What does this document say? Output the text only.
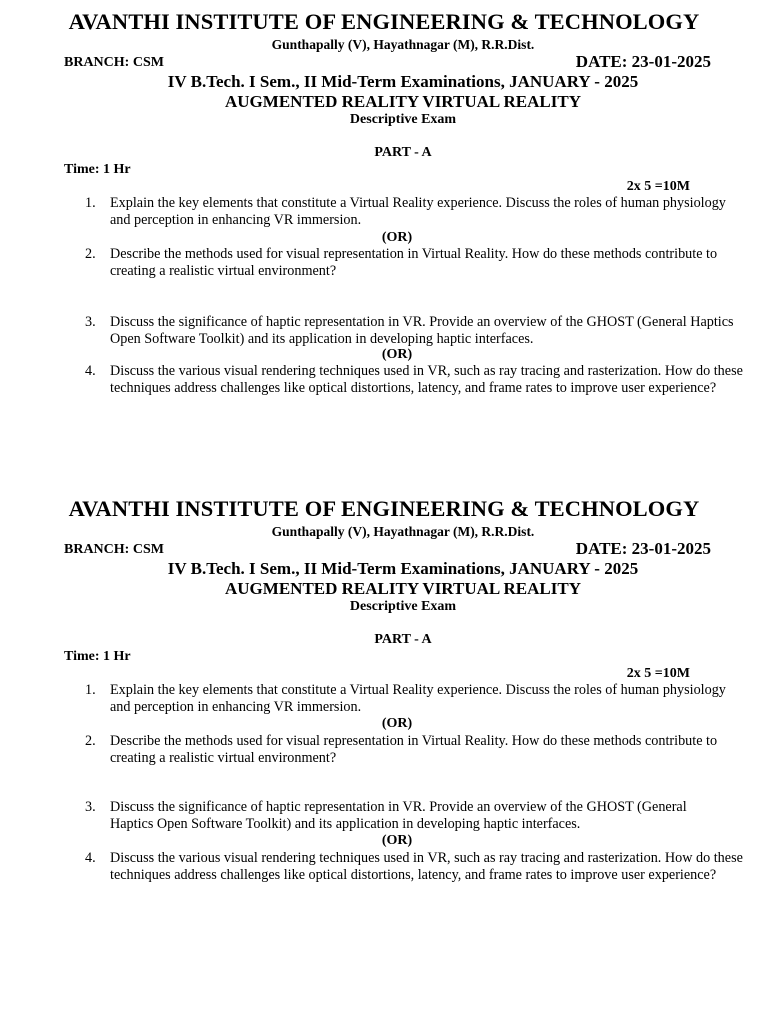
AVANTHI INSTITUTE OF ENGINEERING & TECHNOLOGY
Gunthapally (V), Hayathnagar (M), R.R.Dist.
BRANCH: CSM	DATE: 23-01-2025
IV B.Tech. I Sem., II Mid-Term Examinations, JANUARY - 2025
AUGMENTED REALITY VIRTUAL REALITY
Descriptive Exam
PART - A
Time: 1 Hr
2x 5 =10M
1.	Explain the key elements that constitute a Virtual Reality experience. Discuss the roles of human physiology and perception in enhancing VR immersion.
(OR)
2.	Describe the methods used for visual representation in Virtual Reality. How do these methods contribute to creating a realistic virtual environment?
3.	Discuss the significance of haptic representation in VR. Provide an overview of the GHOST (General Haptics Open Software Toolkit) and its application in developing haptic interfaces.
(OR)
4.	Discuss the various visual rendering techniques used in VR, such as ray tracing and rasterization. How do these techniques address challenges like optical distortions, latency, and frame rates to improve user experience?
AVANTHI INSTITUTE OF ENGINEERING & TECHNOLOGY
Gunthapally (V), Hayathnagar (M), R.R.Dist.
BRANCH: CSM	DATE: 23-01-2025
IV B.Tech. I Sem., II Mid-Term Examinations, JANUARY - 2025
AUGMENTED REALITY VIRTUAL REALITY
Descriptive Exam
PART - A
Time: 1 Hr
2x 5 =10M
1.	Explain the key elements that constitute a Virtual Reality experience. Discuss the roles of human physiology and perception in enhancing VR immersion.
(OR)
2.	Describe the methods used for visual representation in Virtual Reality. How do these methods contribute to creating a realistic virtual environment?
3.	Discuss the significance of haptic representation in VR. Provide an overview of the GHOST (General Haptics Open Software Toolkit) and its application in developing haptic interfaces.
(OR)
4.	Discuss the various visual rendering techniques used in VR, such as ray tracing and rasterization. How do these techniques address challenges like optical distortions, latency, and frame rates to improve user experience?
